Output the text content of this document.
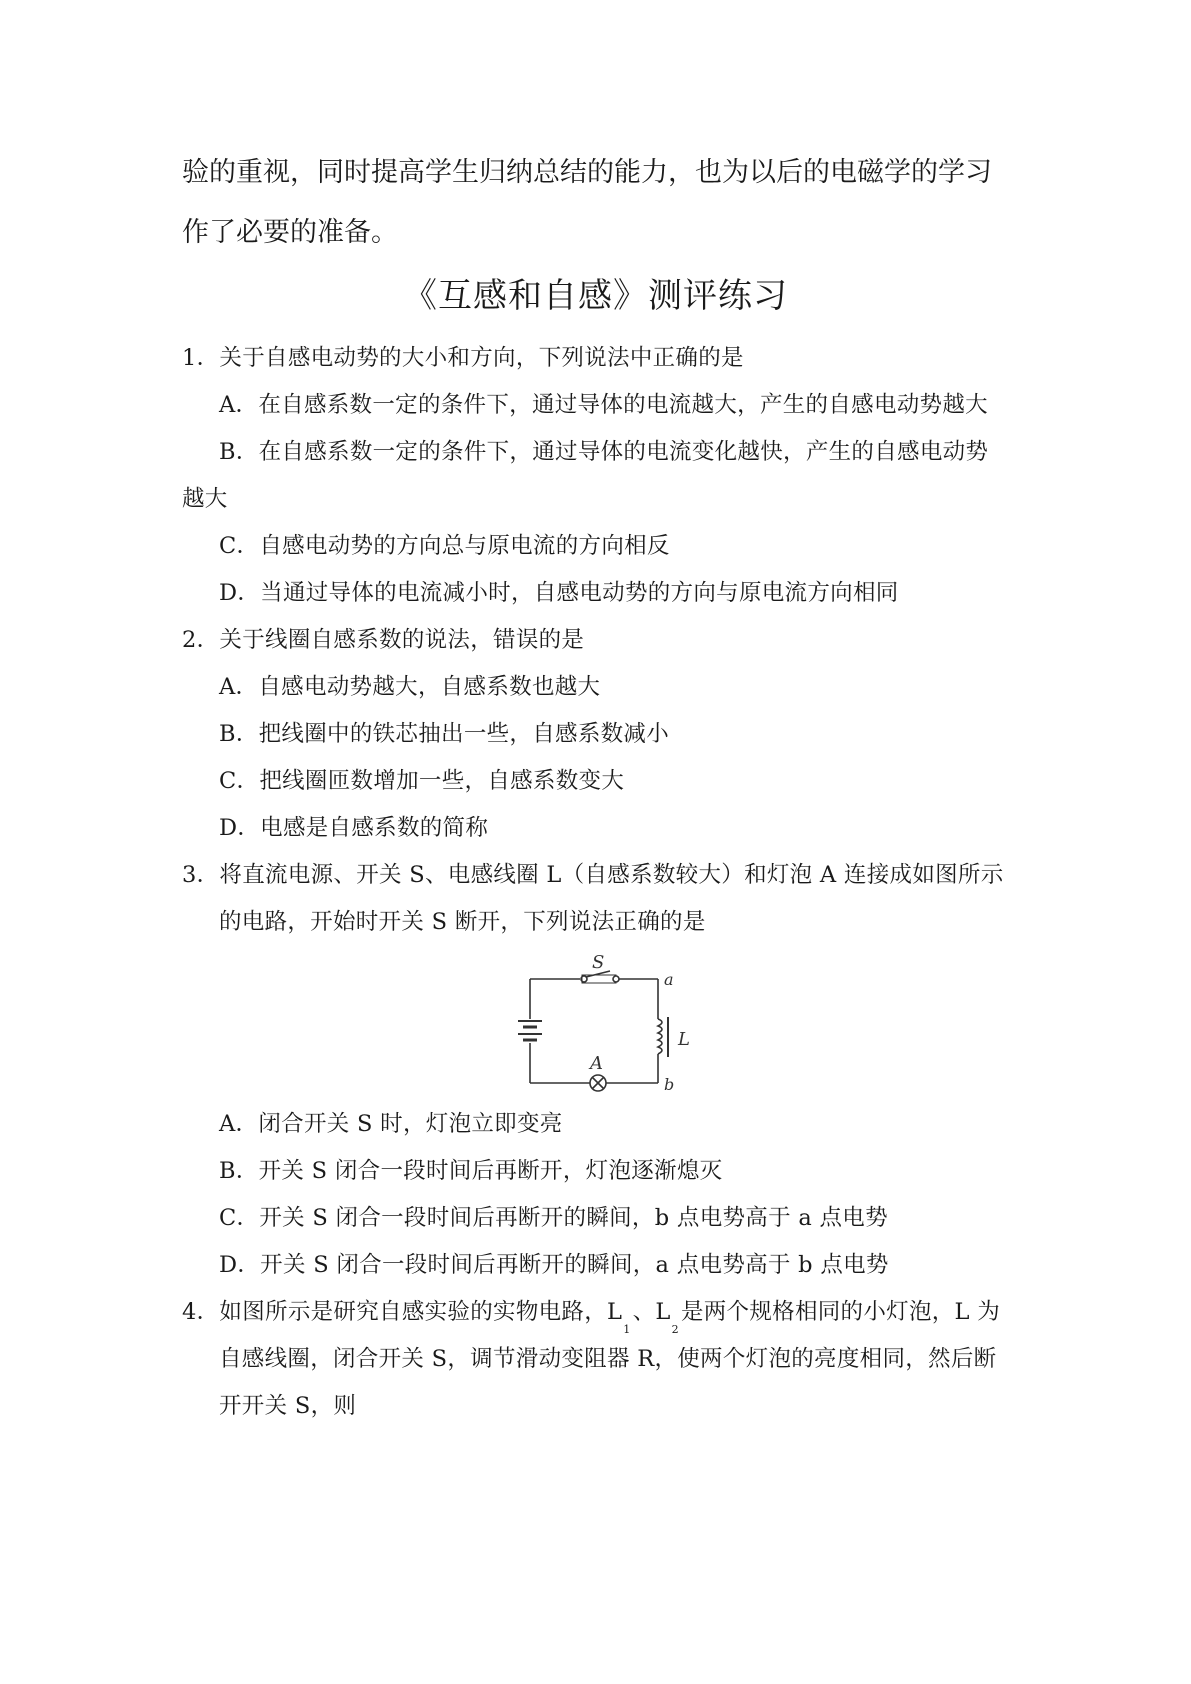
验的重视，同时提高学生归纳总结的能力，也为以后的电磁学的学习
作了必要的准备。
《互感和自感》测评练习
1．关于自感电动势的大小和方向，下列说法中正确的是
A．在自感系数一定的条件下，通过导体的电流越大，产生的自感电动势越大
B．在自感系数一定的条件下，通过导体的电流变化越快，产生的自感电动势
越大
C．自感电动势的方向总与原电流的方向相反
D．当通过导体的电流减小时，自感电动势的方向与原电流方向相同
2．关于线圈自感系数的说法，错误的是
A．自感电动势越大，自感系数也越大
B．把线圈中的铁芯抽出一些，自感系数减小
C．把线圈匝数增加一些，自感系数变大
D．电感是自感系数的简称
3．将直流电源、开关 S、电感线圈 L（自感系数较大）和灯泡 A 连接成如图所示
的电路，开始时开关 S 断开，下列说法正确的是
S
L
A
a
b
A．闭合开关 S 时，灯泡立即变亮
B．开关 S 闭合一段时间后再断开，灯泡逐渐熄灭
C．开关 S 闭合一段时间后再断开的瞬间，b 点电势高于 a 点电势
D．开关 S 闭合一段时间后再断开的瞬间，a 点电势高于 b 点电势
4．如图所示是研究自感实验的实物电路，$L_1$、$L_2$是两个规格相同的小灯泡，L 为
自感线圈，闭合开关 S，调节滑动变阻器 R，使两个灯泡的亮度相同，然后断
开开关 S，则
